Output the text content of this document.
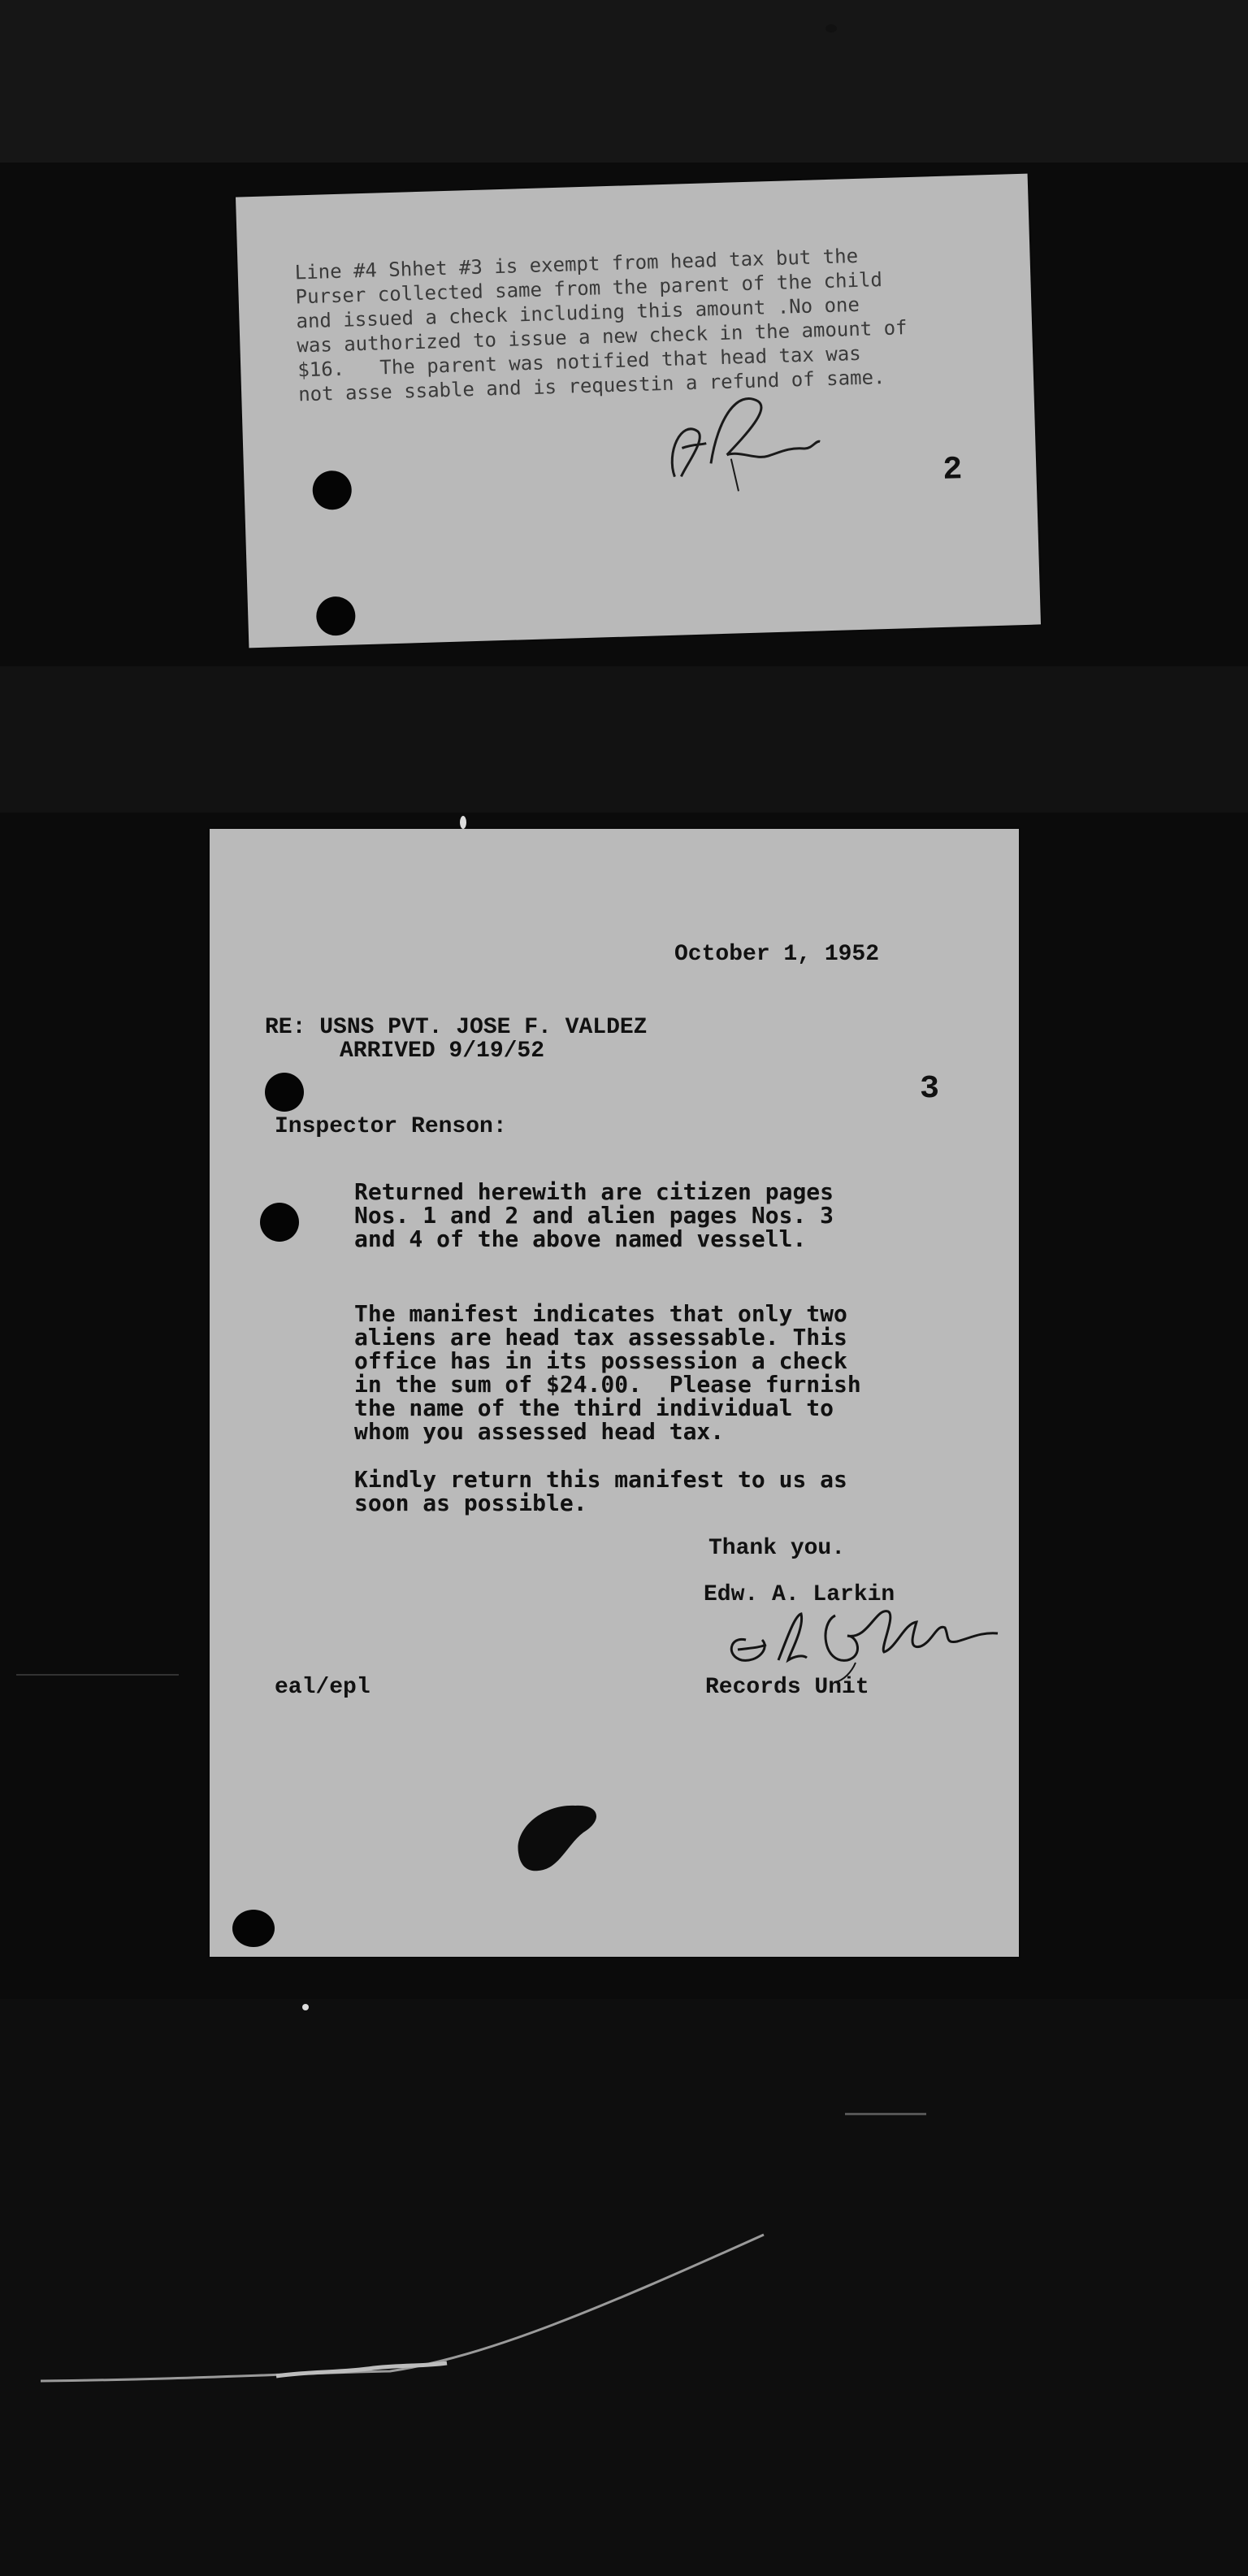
Line #4 Shhet #3 is exempt from head tax but the
Purser collected same from the parent of the child
and issued a check including this amount .No one
was authorized to issue a new check in the amount of
$16.   The parent was notified that head tax was
not asse ssable and is requestin a refund of same.
2
October 1, 1952
RE: USNS PVT. JOSE F. VALDEZ
ARRIVED 9/19/52
3
Inspector Renson:
Returned herewith are citizen pages
Nos. 1 and 2 and alien pages Nos. 3
and 4 of the above named vessell.
The manifest indicates that only two
aliens are head tax assessable. This
office has in its possession a check
in the sum of $24.00.  Please furnish
the name of the third individual to
whom you assessed head tax.
Kindly return this manifest to us as
soon as possible.
Thank you.
Edw. A. Larkin
eal/epl	Records Unit
